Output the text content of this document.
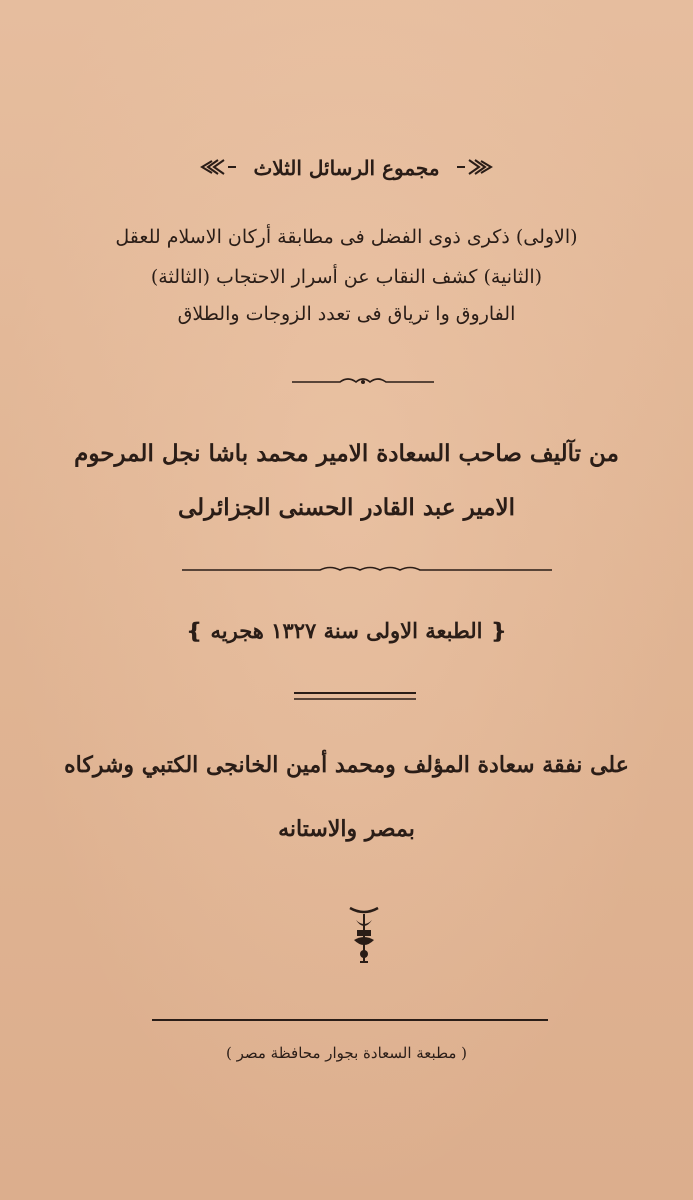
مجموع الرسائل الثلاث
(الاولى) ذكرى ذوى الفضل فى مطابقة أركان الاسلام للعقل
(الثانية) كشف النقاب عن أسرار الاحتجاب (الثالثة)
الفاروق وا ترياق فى تعدد الزوجات والطلاق
من تآليف صاحب السعادة الامير محمد باشا نجل المرحوم
الامير عبد القادر الحسنى الجزائرلى
❴ الطبعة الاولى سنة ١٣٢٧ هجريه ❵
على نفقة سعادة المؤلف ومحمد أمين الخانجى الكتبي وشركاه
بمصر والاستانه
( مطبعة السعادة بجوار محافظة مصر )
